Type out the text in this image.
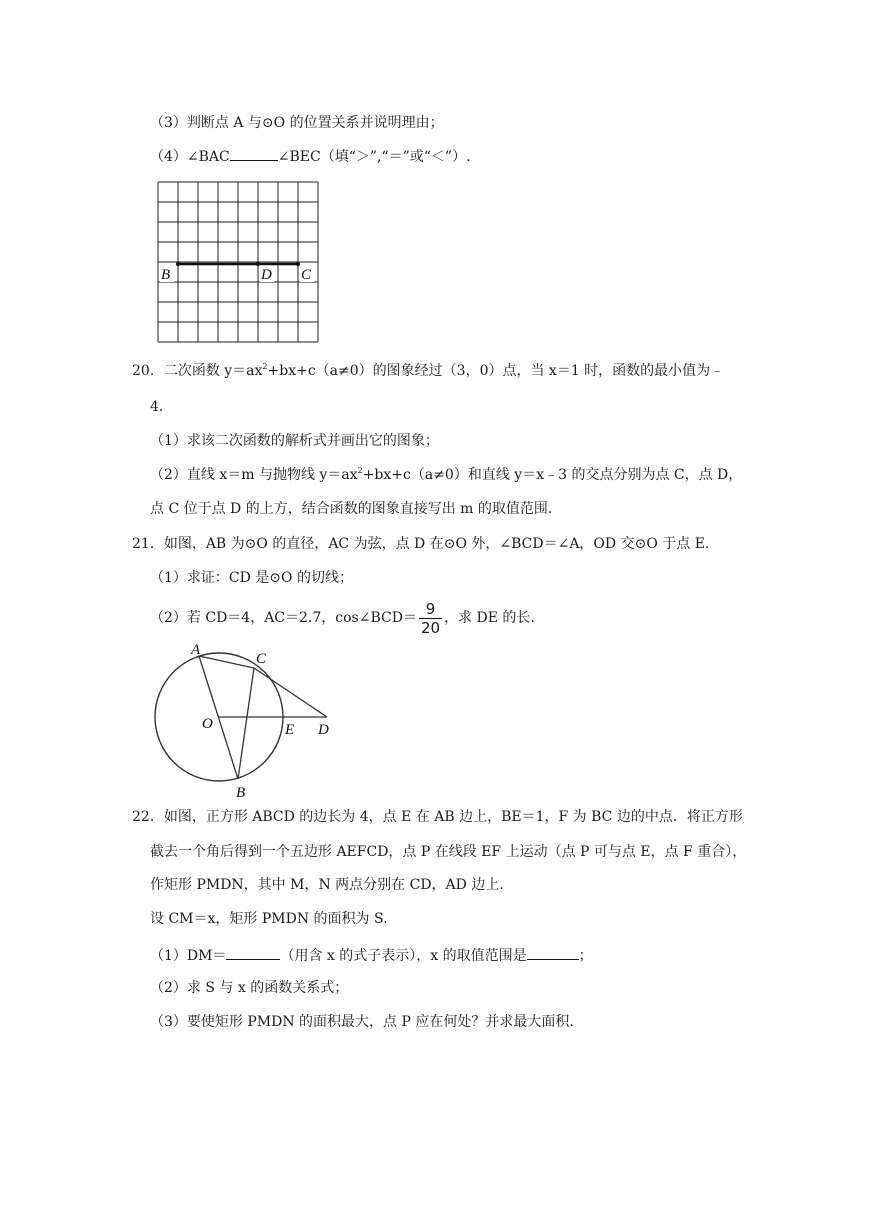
（3）判断点 A 与⊙O 的位置关系并说明理由；
（4）∠BAC	∠BEC（填“＞”,“＝”或“＜”）.
B	D C
20．二次函数 $y=ax^2+bx+c(a\ne 0)$的图象经过（3，0）点，当 x＝1 时，函数的最小值为﹣
4．
（1）求该二次函数的解析式并画出它的图象；
（2）直线 x＝m 与抛物线 $y=ax^2+bx+c(a\ne 0)$和直线 y＝x﹣3 的交点分别为点 C，点 D，
点 C 位于点 D 的上方，结合函数的图象直接写出 m 的取值范围.
21．如图，AB 为⊙O 的直径，AC 为弦，点 D 在⊙O 外，∠BCD＝∠A，OD 交⊙O 于点 E.
（1）求证：CD 是⊙O 的切线；
（2）若 CD＝4，AC＝2.7，cos∠BCD＝ $\frac{9}{20}$ ，求 DE 的长.
A
C
O	E D
B
22．如图，正方形 ABCD 的边长为 4，点 E 在 AB 边上，BE＝1，F 为 BC 边的中点．将正方形
截去一个角后得到一个五边形 AEFCD，点 P 在线段 EF 上运动（点 P 可与点 E，点 F 重合），
作矩形 PMDN，其中 M，N 两点分别在 CD，AD 边上.
设 CM＝x，矩形 PMDN 的面积为 S.
（1）DM＝	（用含 x 的式子表示），x 的取值范围是	；
（2）求 S 与 x 的函数关系式；
（3）要使矩形 PMDN 的面积最大，点 P 应在何处？并求最大面积.
